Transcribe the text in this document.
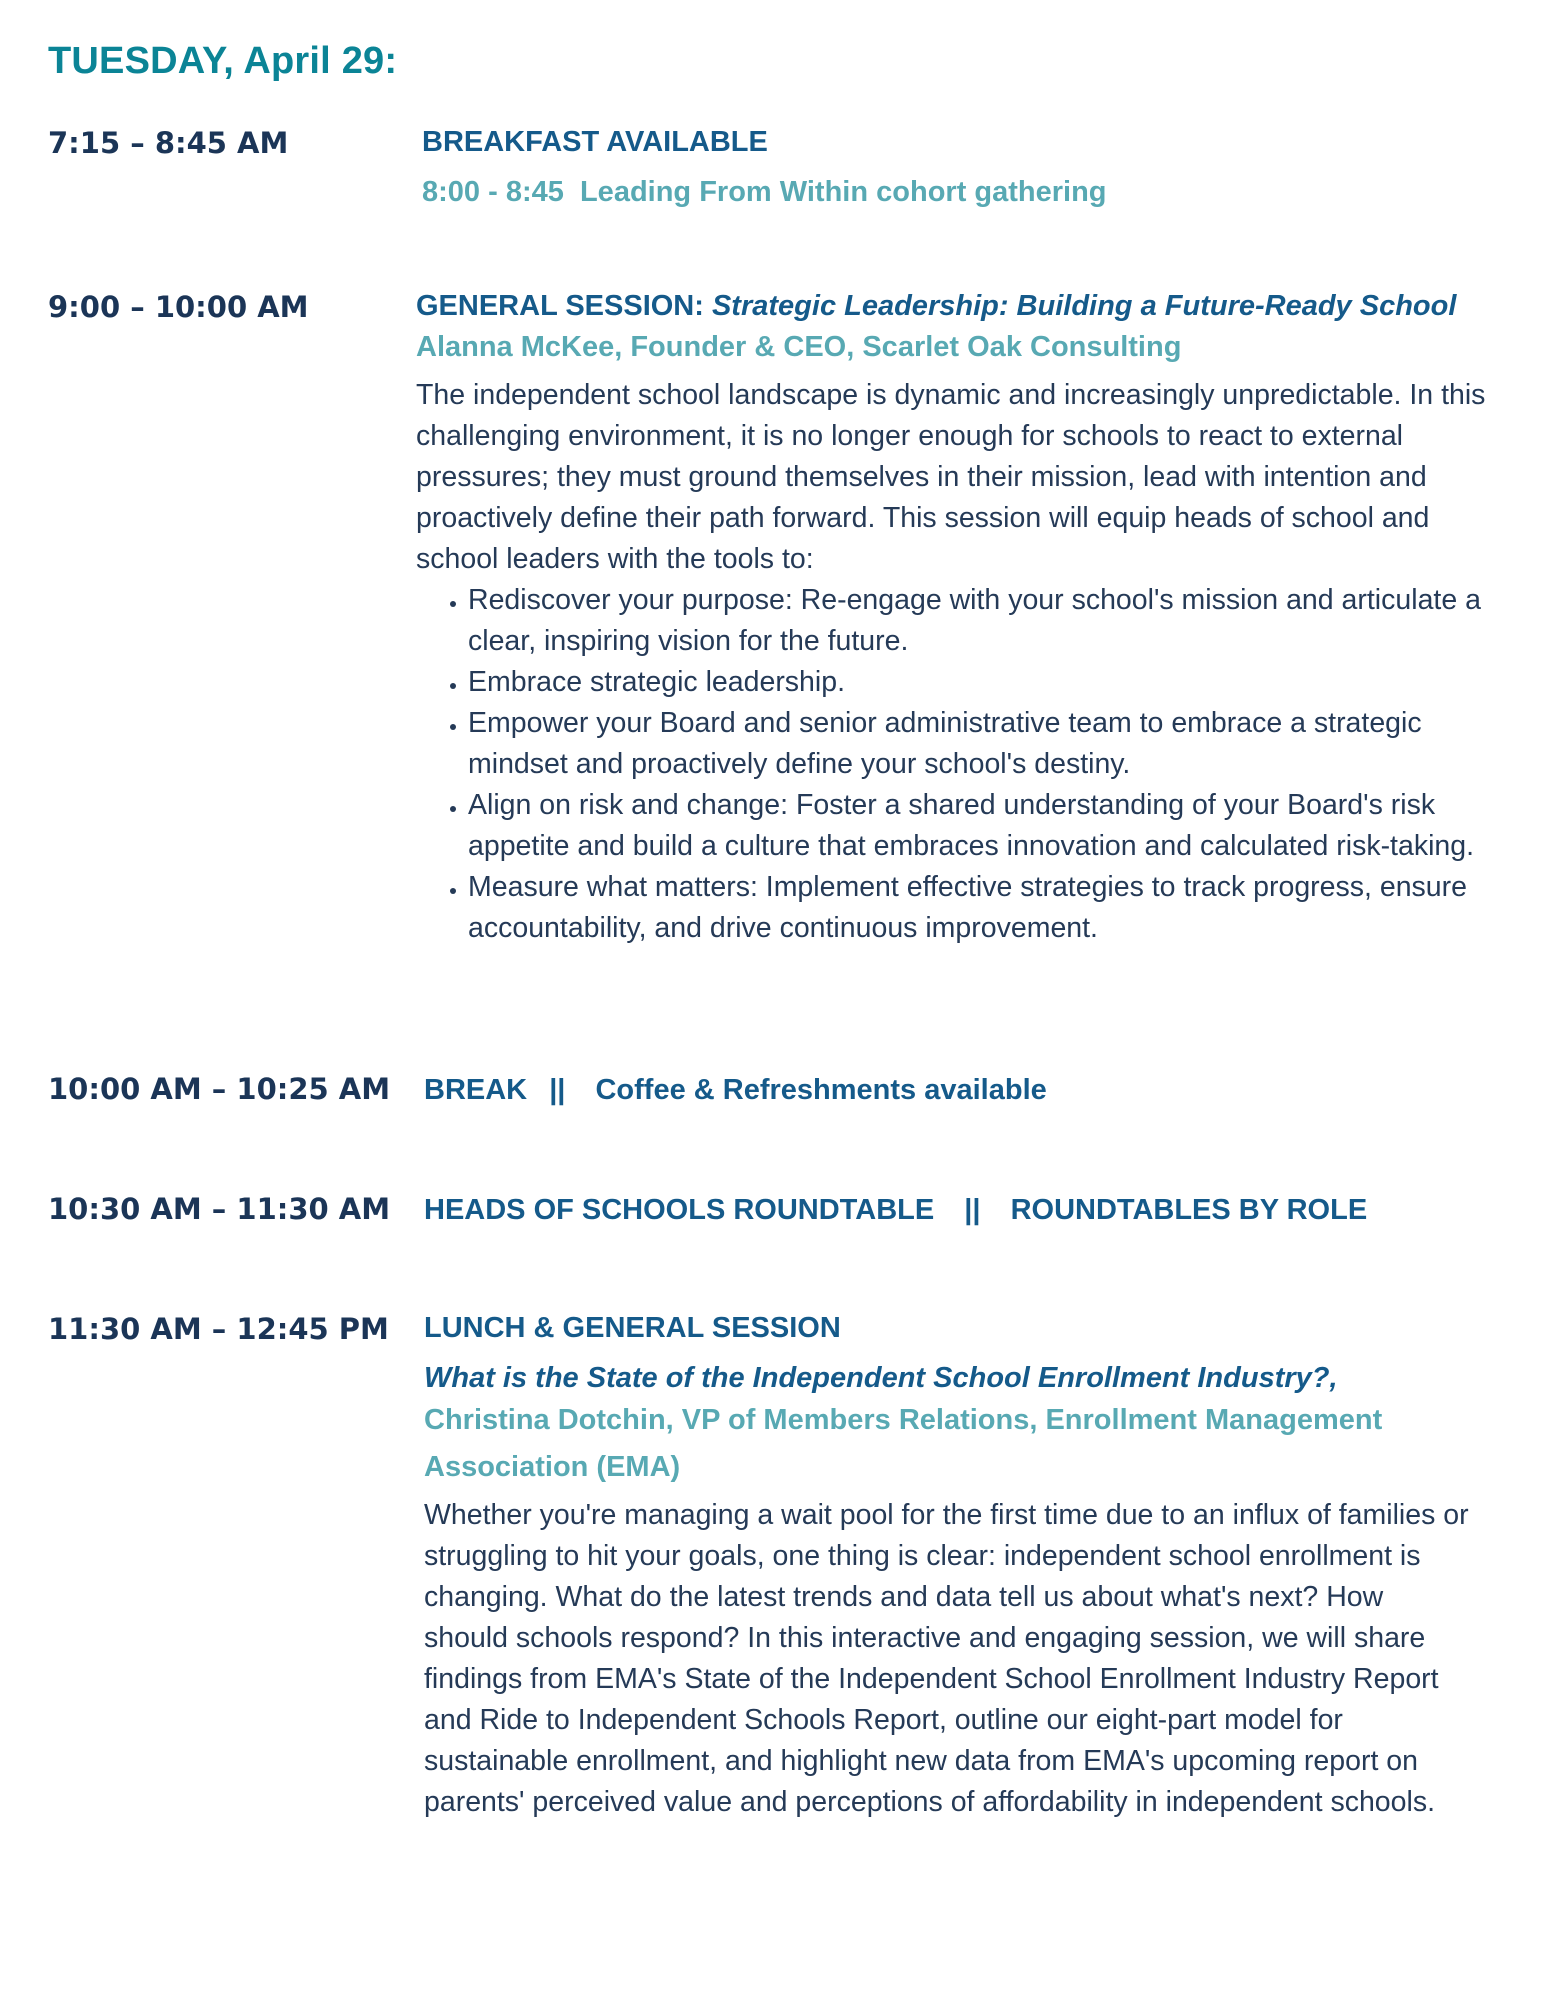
TUESDAY, April 29:
7:15 – 8:45 AM	BREAKFAST AVAILABLE
8:00 - 8:45  Leading From Within cohort gathering
9:00 – 10:00 AM	GENERAL SESSION: Strategic Leadership: Building a Future-Ready School
Alanna McKee, Founder & CEO, Scarlet Oak Consulting
The independent school landscape is dynamic and increasingly unpredictable. In this challenging environment, it is no longer enough for schools to react to external pressures; they must ground themselves in their mission, lead with intention and proactively define their path forward. This session will equip heads of school and school leaders with the tools to:
• Rediscover your purpose: Re-engage with your school's mission and articulate a clear, inspiring vision for the future.
• Embrace strategic leadership.
• Empower your Board and senior administrative team to embrace a strategic mindset and proactively define your school's destiny.
• Align on risk and change: Foster a shared understanding of your Board's risk appetite and build a culture that embraces innovation and calculated risk-taking.
• Measure what matters: Implement effective strategies to track progress, ensure accountability, and drive continuous improvement.
10:00 AM – 10:25 AM BREAK || Coffee & Refreshments available
10:30 AM – 11:30 AM HEADS OF SCHOOLS ROUNDTABLE || ROUNDTABLES BY ROLE
11:30 AM – 12:45 PM LUNCH & GENERAL SESSION
What is the State of the Independent School Enrollment Industry?,
Christina Dotchin, VP of Members Relations, Enrollment Management Association (EMA)
Whether you're managing a wait pool for the first time due to an influx of families or struggling to hit your goals, one thing is clear: independent school enrollment is changing. What do the latest trends and data tell us about what's next? How should schools respond? In this interactive and engaging session, we will share findings from EMA's State of the Independent School Enrollment Industry Report and Ride to Independent Schools Report, outline our eight-part model for sustainable enrollment, and highlight new data from EMA's upcoming report on parents' perceived value and perceptions of affordability in independent schools.
